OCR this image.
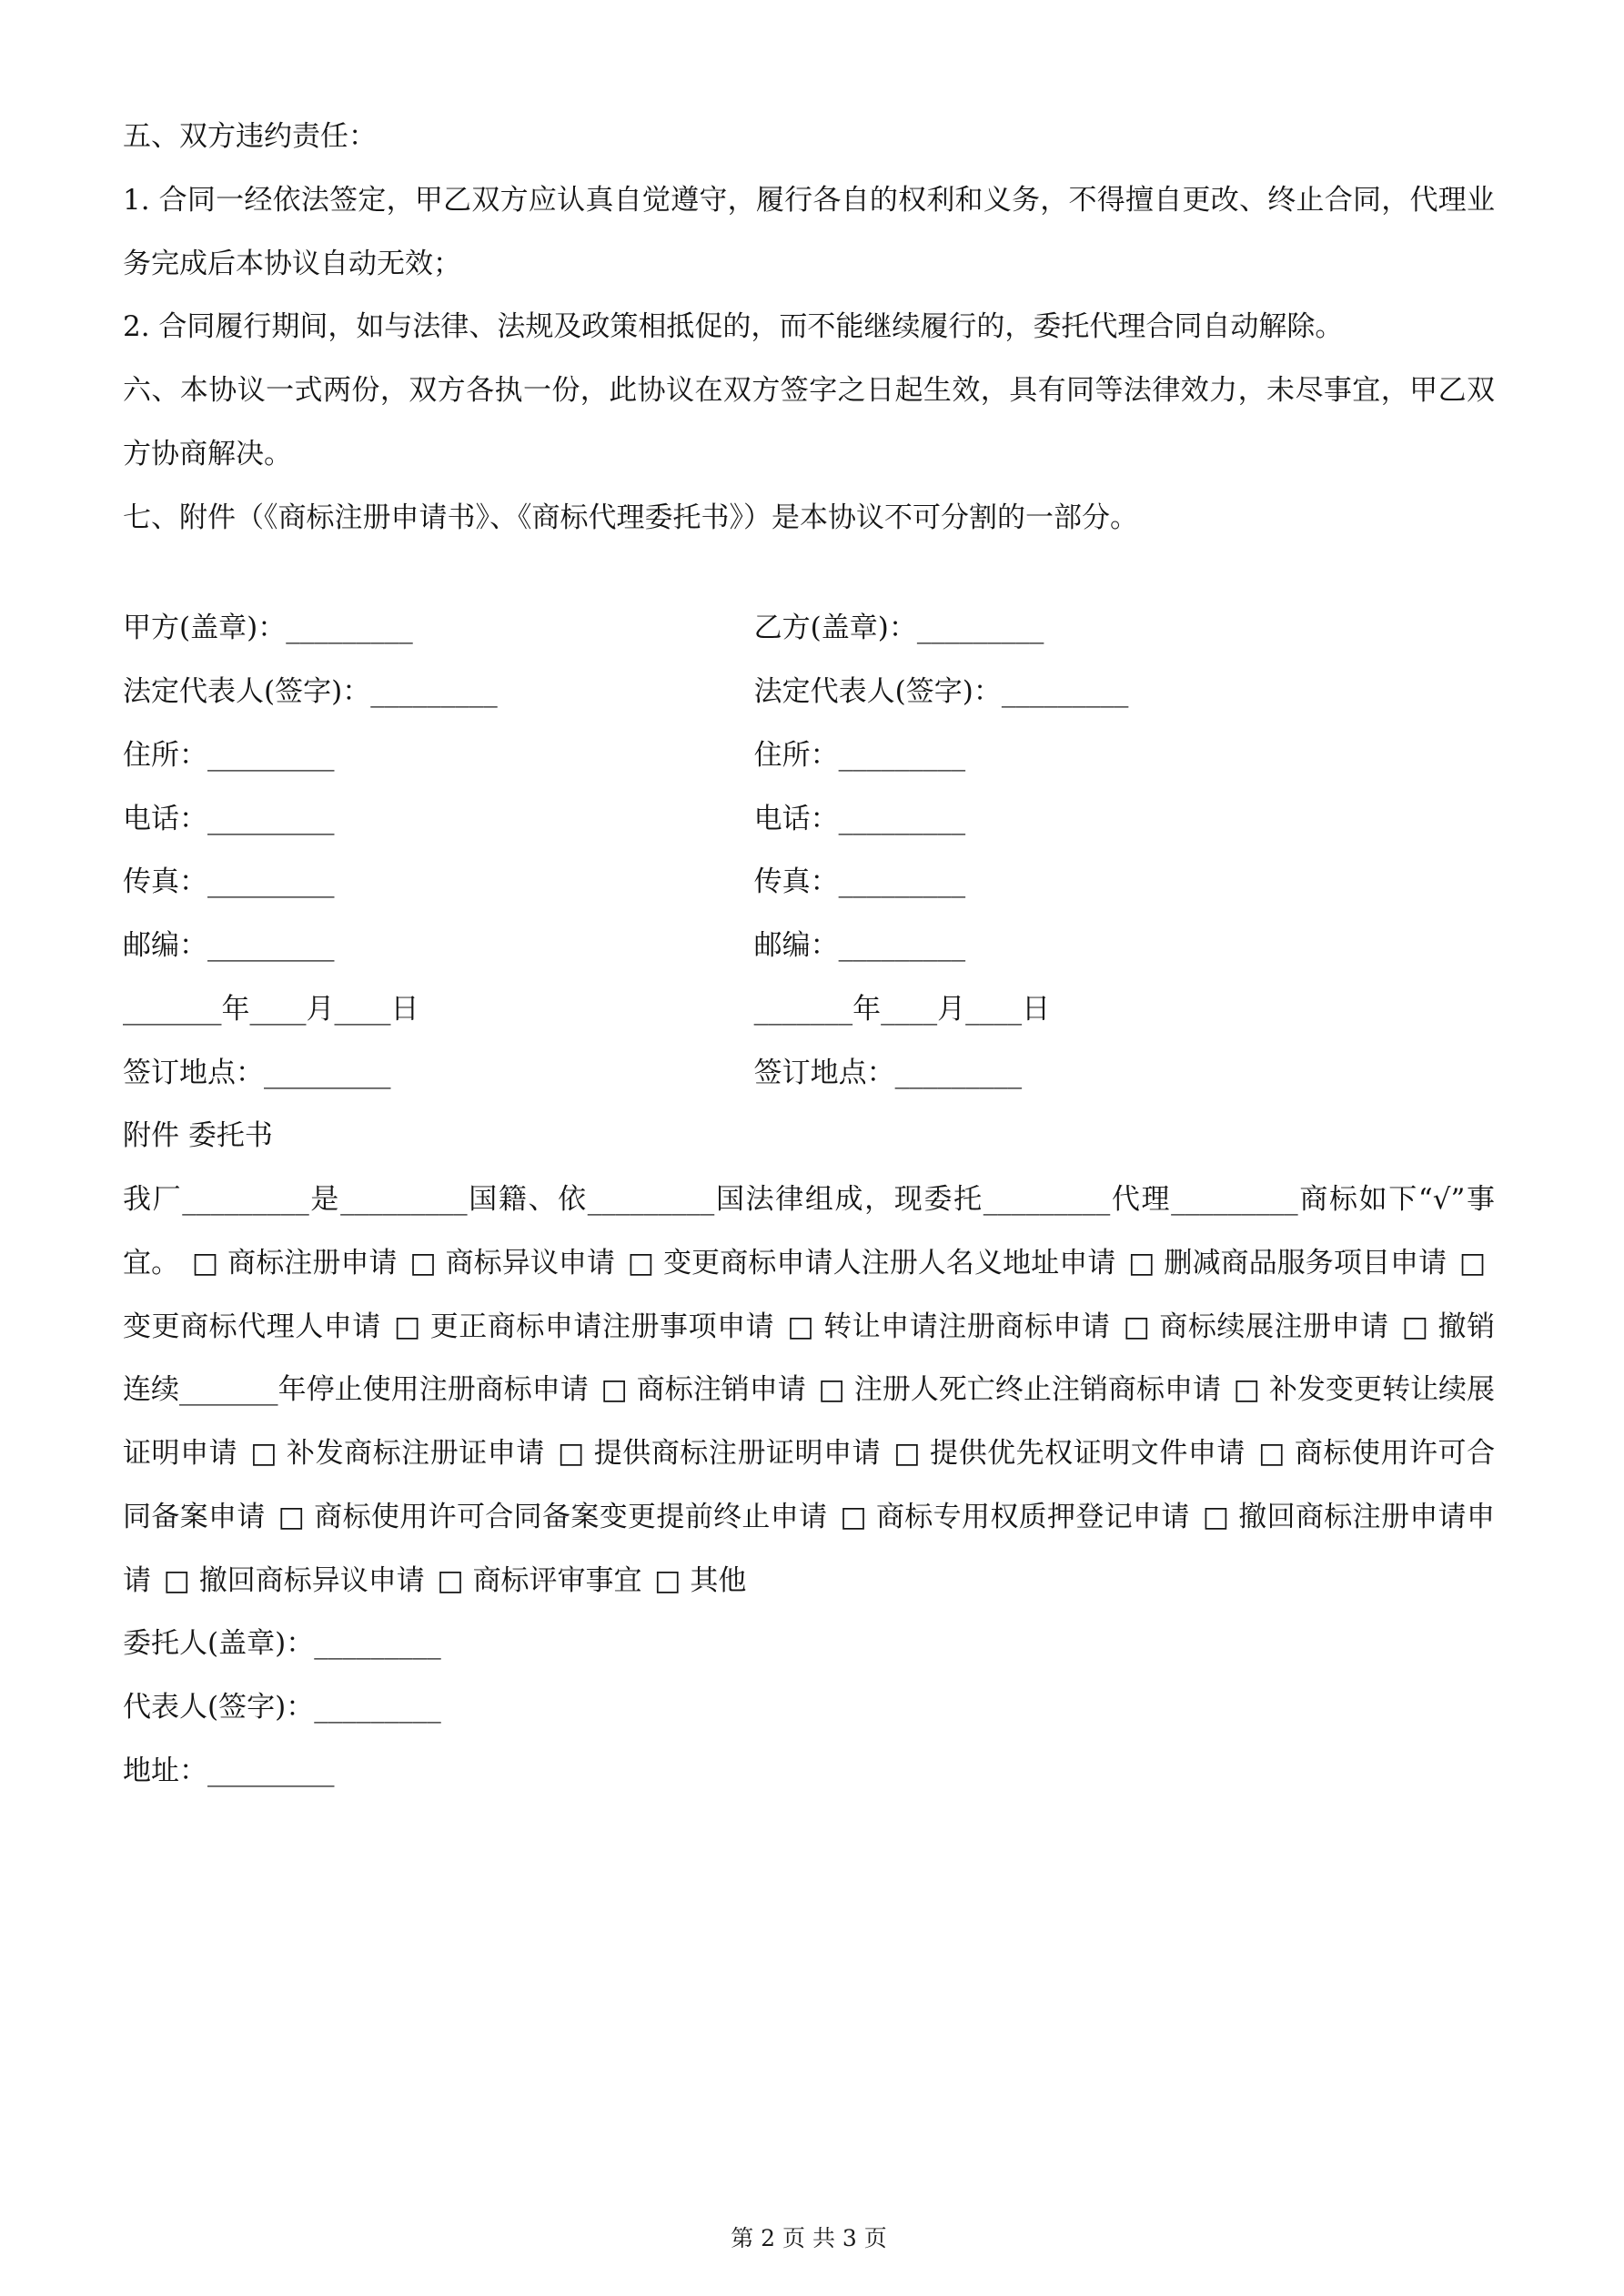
五、双方违约责任：

1. 合同一经依法签定，甲乙双方应认真自觉遵守，履行各自的权利和义务，不得擅自更改、终止合同，代理业务完成后本协议自动无效；

2. 合同履行期间，如与法律、法规及政策相抵促的，而不能继续履行的，委托代理合同自动解除。

六、本协议一式两份，双方各执一份，此协议在双方签字之日起生效，具有同等法律效力，未尽事宜，甲乙双方协商解决。

七、附件（《商标注册申请书》、《商标代理委托书》）是本协议不可分割的一部分。

甲方(盖章)：_________	乙方(盖章)：_________
法定代表人(签字)：_________	法定代表人(签字)：_________
住所：_________	住所：_________
电话：_________	电话：_________
传真：_________	传真：_________
邮编：_________	邮编：_________
_______年____月____日	_______年____月____日
签订地点：_________	签订地点：_________

附件 委托书

我厂_________是_________国籍、依_________国法律组成，现委托_________代理_________商标如下“√”事宜。 □ 商标注册申请 □ 商标异议申请 □ 变更商标申请人注册人名义地址申请 □ 删减商品服务项目申请 □变更商标代理人申请 □ 更正商标申请注册事项申请 □ 转让申请注册商标申请 □ 商标续展注册申请 □ 撤销连续_______年停止使用注册商标申请 □ 商标注销申请 □ 注册人死亡终止注销商标申请 □ 补发变更转让续展证明申请 □ 补发商标注册证申请 □ 提供商标注册证明申请 □ 提供优先权证明文件申请 □ 商标使用许可合同备案申请 □ 商标使用许可合同备案变更提前终止申请 □ 商标专用权质押登记申请 □ 撤回商标注册申请申请 □ 撤回商标异议申请 □ 商标评审事宜 □ 其他

委托人(盖章)：_________

代表人(签字)：_________

地址：_________

第 2 页 共 3 页
